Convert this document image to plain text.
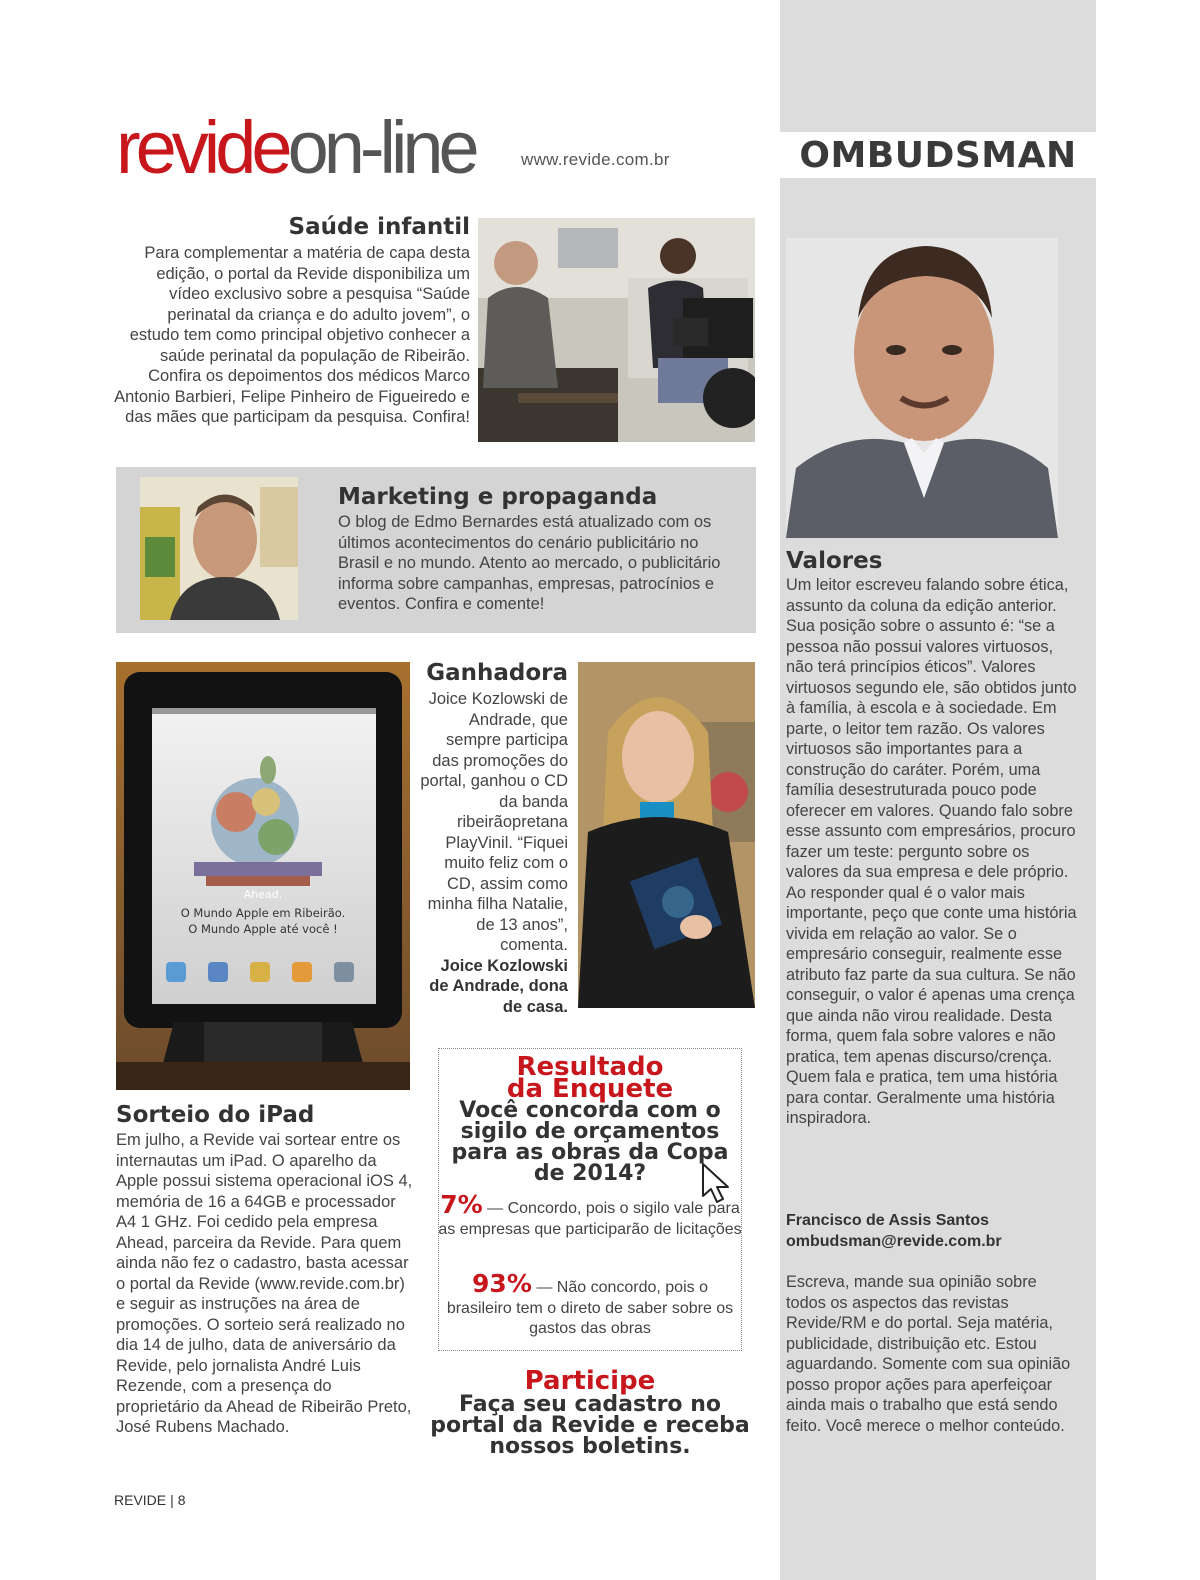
OMBUDSMAN
revideon-line	www.revide.com.br
Saúde infantil
Para complementar a matéria de capa desta edição, o portal da Revide disponibiliza um vídeo exclusivo sobre a pesquisa “Saúde perinatal da criança e do adulto jovem”, o estudo tem como principal objetivo conhecer a saúde perinatal da população de Ribeirão. Confira os depoimentos dos médicos Marco Antonio Barbieri, Felipe Pinheiro de Figueiredo e das mães que participam da pesquisa. Confira!
Marketing e propaganda
O blog de Edmo Bernardes está atualizado com os últimos acontecimentos do cenário publicitário no Brasil e no mundo. Atento ao mercado, o publicitário informa sobre campanhas, empresas, patrocínios e eventos. Confira e comente!
Ahead.
O Mundo Apple em Ribeirão.
O Mundo Apple até você !
Ganhadora
Joice Kozlowski de Andrade, que sempre participa das promoções do portal, ganhou o CD da banda ribeirãopretana PlayVinil. “Fiquei muito feliz com o CD, assim como minha filha Natalie, de 13 anos”, comenta.
Joice Kozlowski de Andrade, dona de casa.
Sorteio do iPad
Em julho, a Revide vai sortear entre os internautas um iPad. O aparelho da Apple possui sistema operacional iOS 4, memória de 16 a 64GB e processador A4 1 GHz. Foi cedido pela empresa Ahead, parceira da Revide. Para quem ainda não fez o cadastro, basta acessar o portal da Revide (www.revide.com.br) e seguir as instruções na área de promoções. O sorteio será realizado no dia 14 de julho, data de aniversário da Revide, pelo jornalista André Luis Rezende, com a presença do proprietário da Ahead de Ribeirão Preto, José Rubens Machado.
Resultado
da Enquete
Você concorda com o sigilo de orçamentos para as obras da Copa de 2014?
7% — Concordo, pois o sigilo vale para as empresas que participarão de licitações
93% — Não concordo, pois o brasileiro tem o direto de saber sobre os gastos das obras
Participe
Faça seu cadastro no portal da Revide e receba nossos boletins.
Valores
Um leitor escreveu falando sobre ética, assunto da coluna da edição anterior. Sua posição sobre o assunto é: “se a pessoa não possui valores virtuosos, não terá princípios éticos”. Valores virtuosos segundo ele, são obtidos junto à família, à escola e à sociedade. Em parte, o leitor tem razão. Os valores virtuosos são importantes para a construção do caráter. Porém, uma família desestruturada pouco pode oferecer em valores. Quando falo sobre esse assunto com empresários, procuro fazer um teste: pergunto sobre os valores da sua empresa e dele próprio. Ao responder qual é o valor mais importante, peço que conte uma história vivida em relação ao valor. Se o empresário conseguir, realmente esse atributo faz parte da sua cultura. Se não conseguir, o valor é apenas uma crença que ainda não virou realidade. Desta forma, quem fala sobre valores e não pratica, tem apenas discurso/crença. Quem fala e pratica, tem uma história para contar. Geralmente uma história inspiradora.
Francisco de Assis Santos
ombudsman@revide.com.br
Escreva, mande sua opinião sobre todos os aspectos das revistas Revide/RM e do portal. Seja matéria, publicidade, distribuição etc. Estou aguardando. Somente com sua opinião posso propor ações para aperfeiçoar ainda mais o trabalho que está sendo feito. Você merece o melhor conteúdo.
REVIDE | 8
